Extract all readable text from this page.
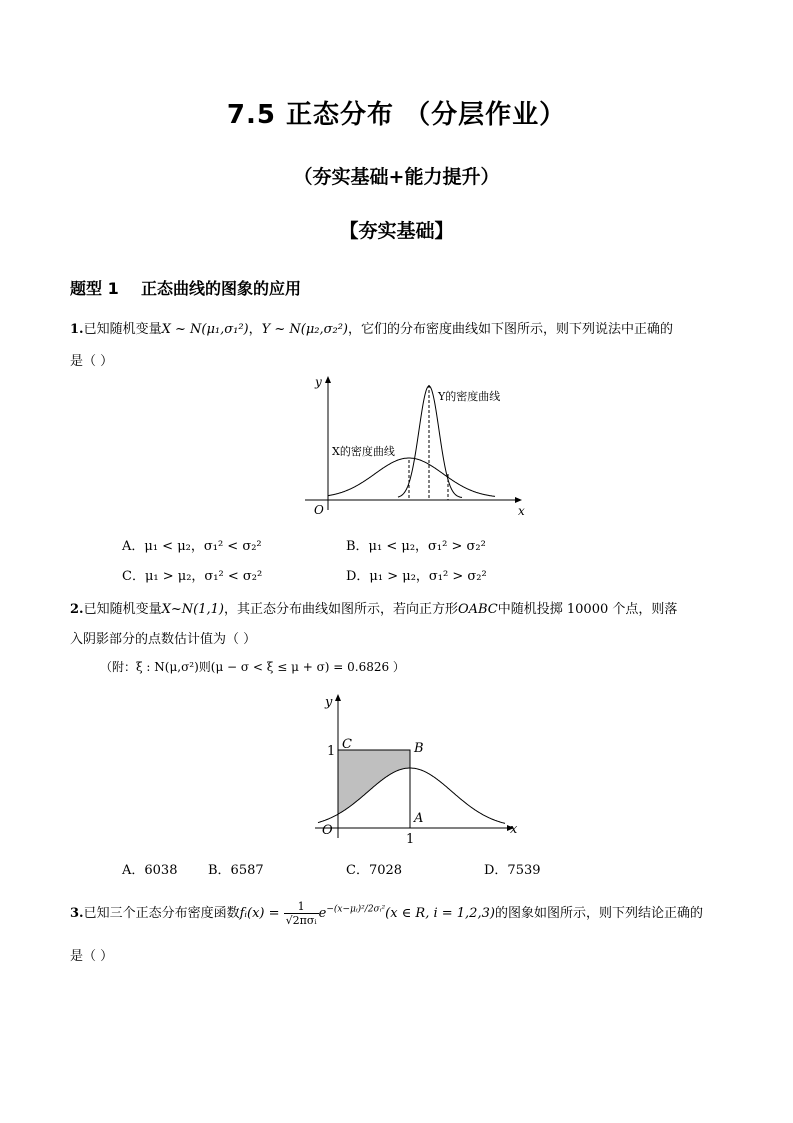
7.5 正态分布 （分层作业）
（夯实基础+能力提升）
【夯实基础】
题型 1    正态曲线的图象的应用
1.已知随机变量X ~ N(μ₁,σ₁²)，Y ~ N(μ₂,σ₂²)，它们的分布密度曲线如下图所示，则下列说法中正确的
是（ ）
y
x
O
Y的密度曲线
X的密度曲线
A．μ₁ < μ₂，σ₁² < σ₂²	B．μ₁ < μ₂，σ₁² > σ₂²
C．μ₁ > μ₂，σ₁² < σ₂²	D．μ₁ > μ₂，σ₁² > σ₂²
2.已知随机变量X~N(1,1)，其正态分布曲线如图所示，若向正方形OABC中随机投掷 10000 个点，则落
入阴影部分的点数估计值为（ ）
（附：ξ : N(μ,σ²)则(μ − σ < ξ ≤ μ + σ) = 0.6826 ）
y
x
O
C	B
A
1
1
A．6038 B．6587	C．7028	D．7539
3.已知三个正态分布密度函数fᵢ(x) = $\frac{1}{\text{√2πσᵢ}} e^{-(x-\mu ᵢ)^2/2\sigma ᵢ^2}(x$ ∈ R, i = 1,2,3)的图象如图所示，则下列结论正确的
是（ ）
